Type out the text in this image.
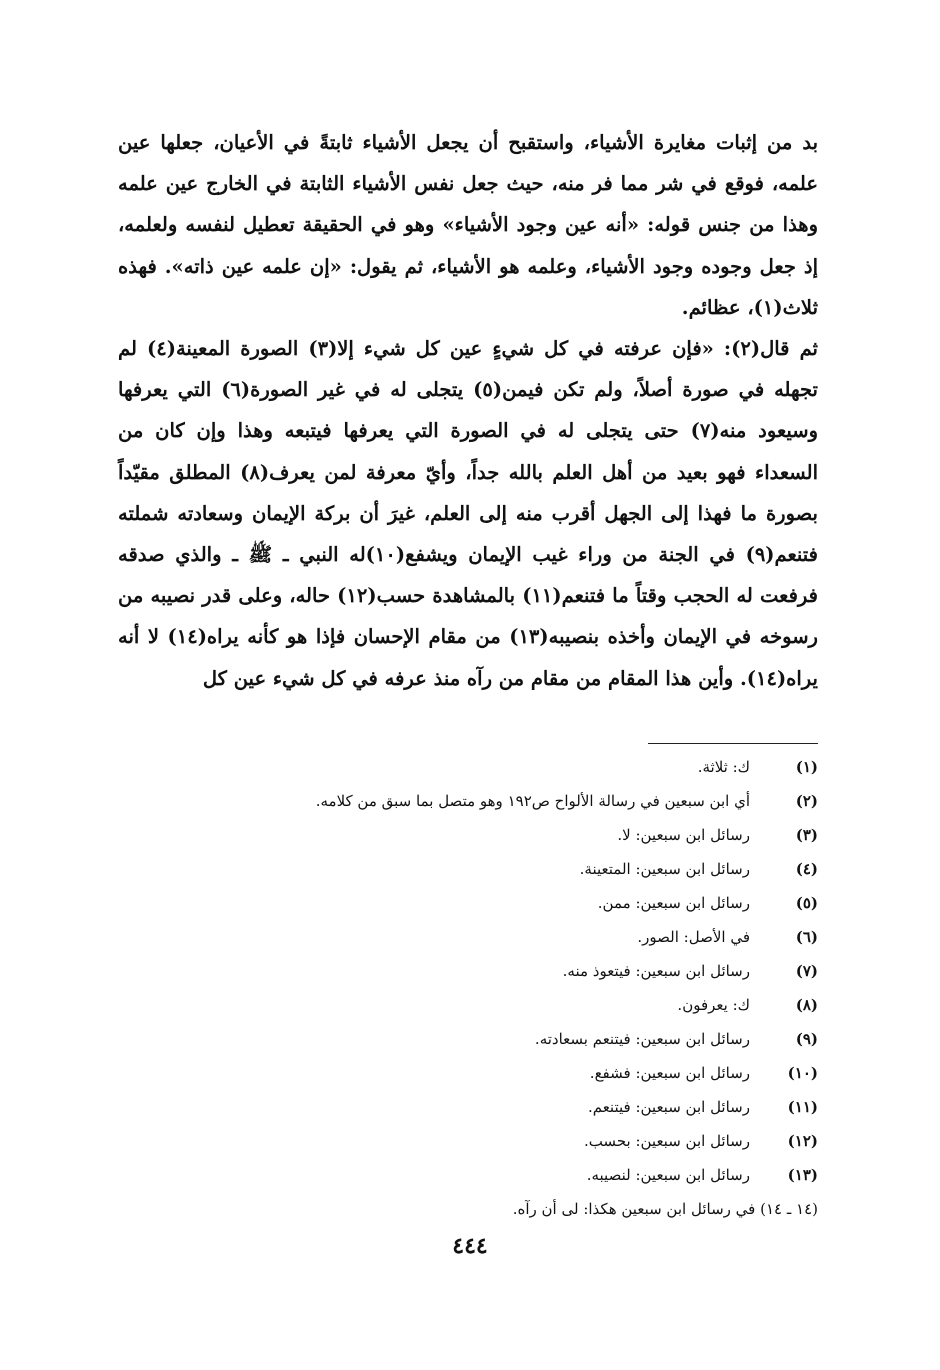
بد من إثبات مغايرة الأشياء، واستقبح أن يجعل الأشياء ثابتةً في الأعيان، جعلها عين علمه، فوقع في شر مما فر منه، حيث جعل نفس الأشياء الثابتة في الخارج عين علمه وهذا من جنس قوله: «أنه عين وجود الأشياء» وهو في الحقيقة تعطيل لنفسه ولعلمه، إذ جعل وجوده وجود الأشياء، وعلمه هو الأشياء، ثم يقول: «إن علمه عين ذاته». فهذه ثلاث(١)، عظائم.

ثم قال(٢): «فإن عرفته في كل شيءٍ عين كل شيء إلا(٣) الصورة المعينة(٤) لم تجهله في صورة أصلاً، ولم تكن فيمن(٥) يتجلى له في غير الصورة(٦) التي يعرفها وسيعود منه(٧) حتى يتجلى له في الصورة التي يعرفها فيتبعه وهذا وإن كان من السعداء فهو بعيد من أهل العلم بالله جداً، وأيّ معرفة لمن يعرف(٨) المطلق مقيّداً بصورة ما فهذا إلى الجهل أقرب منه إلى العلم، غيرَ أن بركة الإيمان وسعادته شملته فتنعم(٩) في الجنة من وراء غيب الإيمان ويشفع(١٠)له النبي ـ ﷺ ـ والذي صدقه فرفعت له الحجب وقتاً ما فتنعم(١١) بالمشاهدة حسب(١٢) حاله، وعلى قدر نصيبه من رسوخه في الإيمان وأخذه بنصيبه(١٣) من مقام الإحسان فإذا هو كأنه يراه(١٤) لا أنه يراه(١٤). وأين هذا المقام من مقام من رآه منذ عرفه في كل شيء عين كل

(١)
ك: ثلاثة.
(٢)
أي ابن سبعين في رسالة الألواح ص١٩٢ وهو متصل بما سبق من كلامه.
(٣)
رسائل ابن سبعين: لا.
(٤)
رسائل ابن سبعين: المتعينة.
(٥)
رسائل ابن سبعين: ممن.
(٦)
في الأصل: الصور.
(٧)
رسائل ابن سبعين: فيتعوذ منه.
(٨)
ك: يعرفون.
(٩)
رسائل ابن سبعين: فيتنعم بسعادته.
(١٠)
رسائل ابن سبعين: فشفع.
(١١)
رسائل ابن سبعين: فيتنعم.
(١٢)
رسائل ابن سبعين: بحسب.
(١٣)
رسائل ابن سبعين: لنصيبه.
(١٤ ـ ١٤) في رسائل ابن سبعين هكذا: لى أن رآه.
٤٤٤
